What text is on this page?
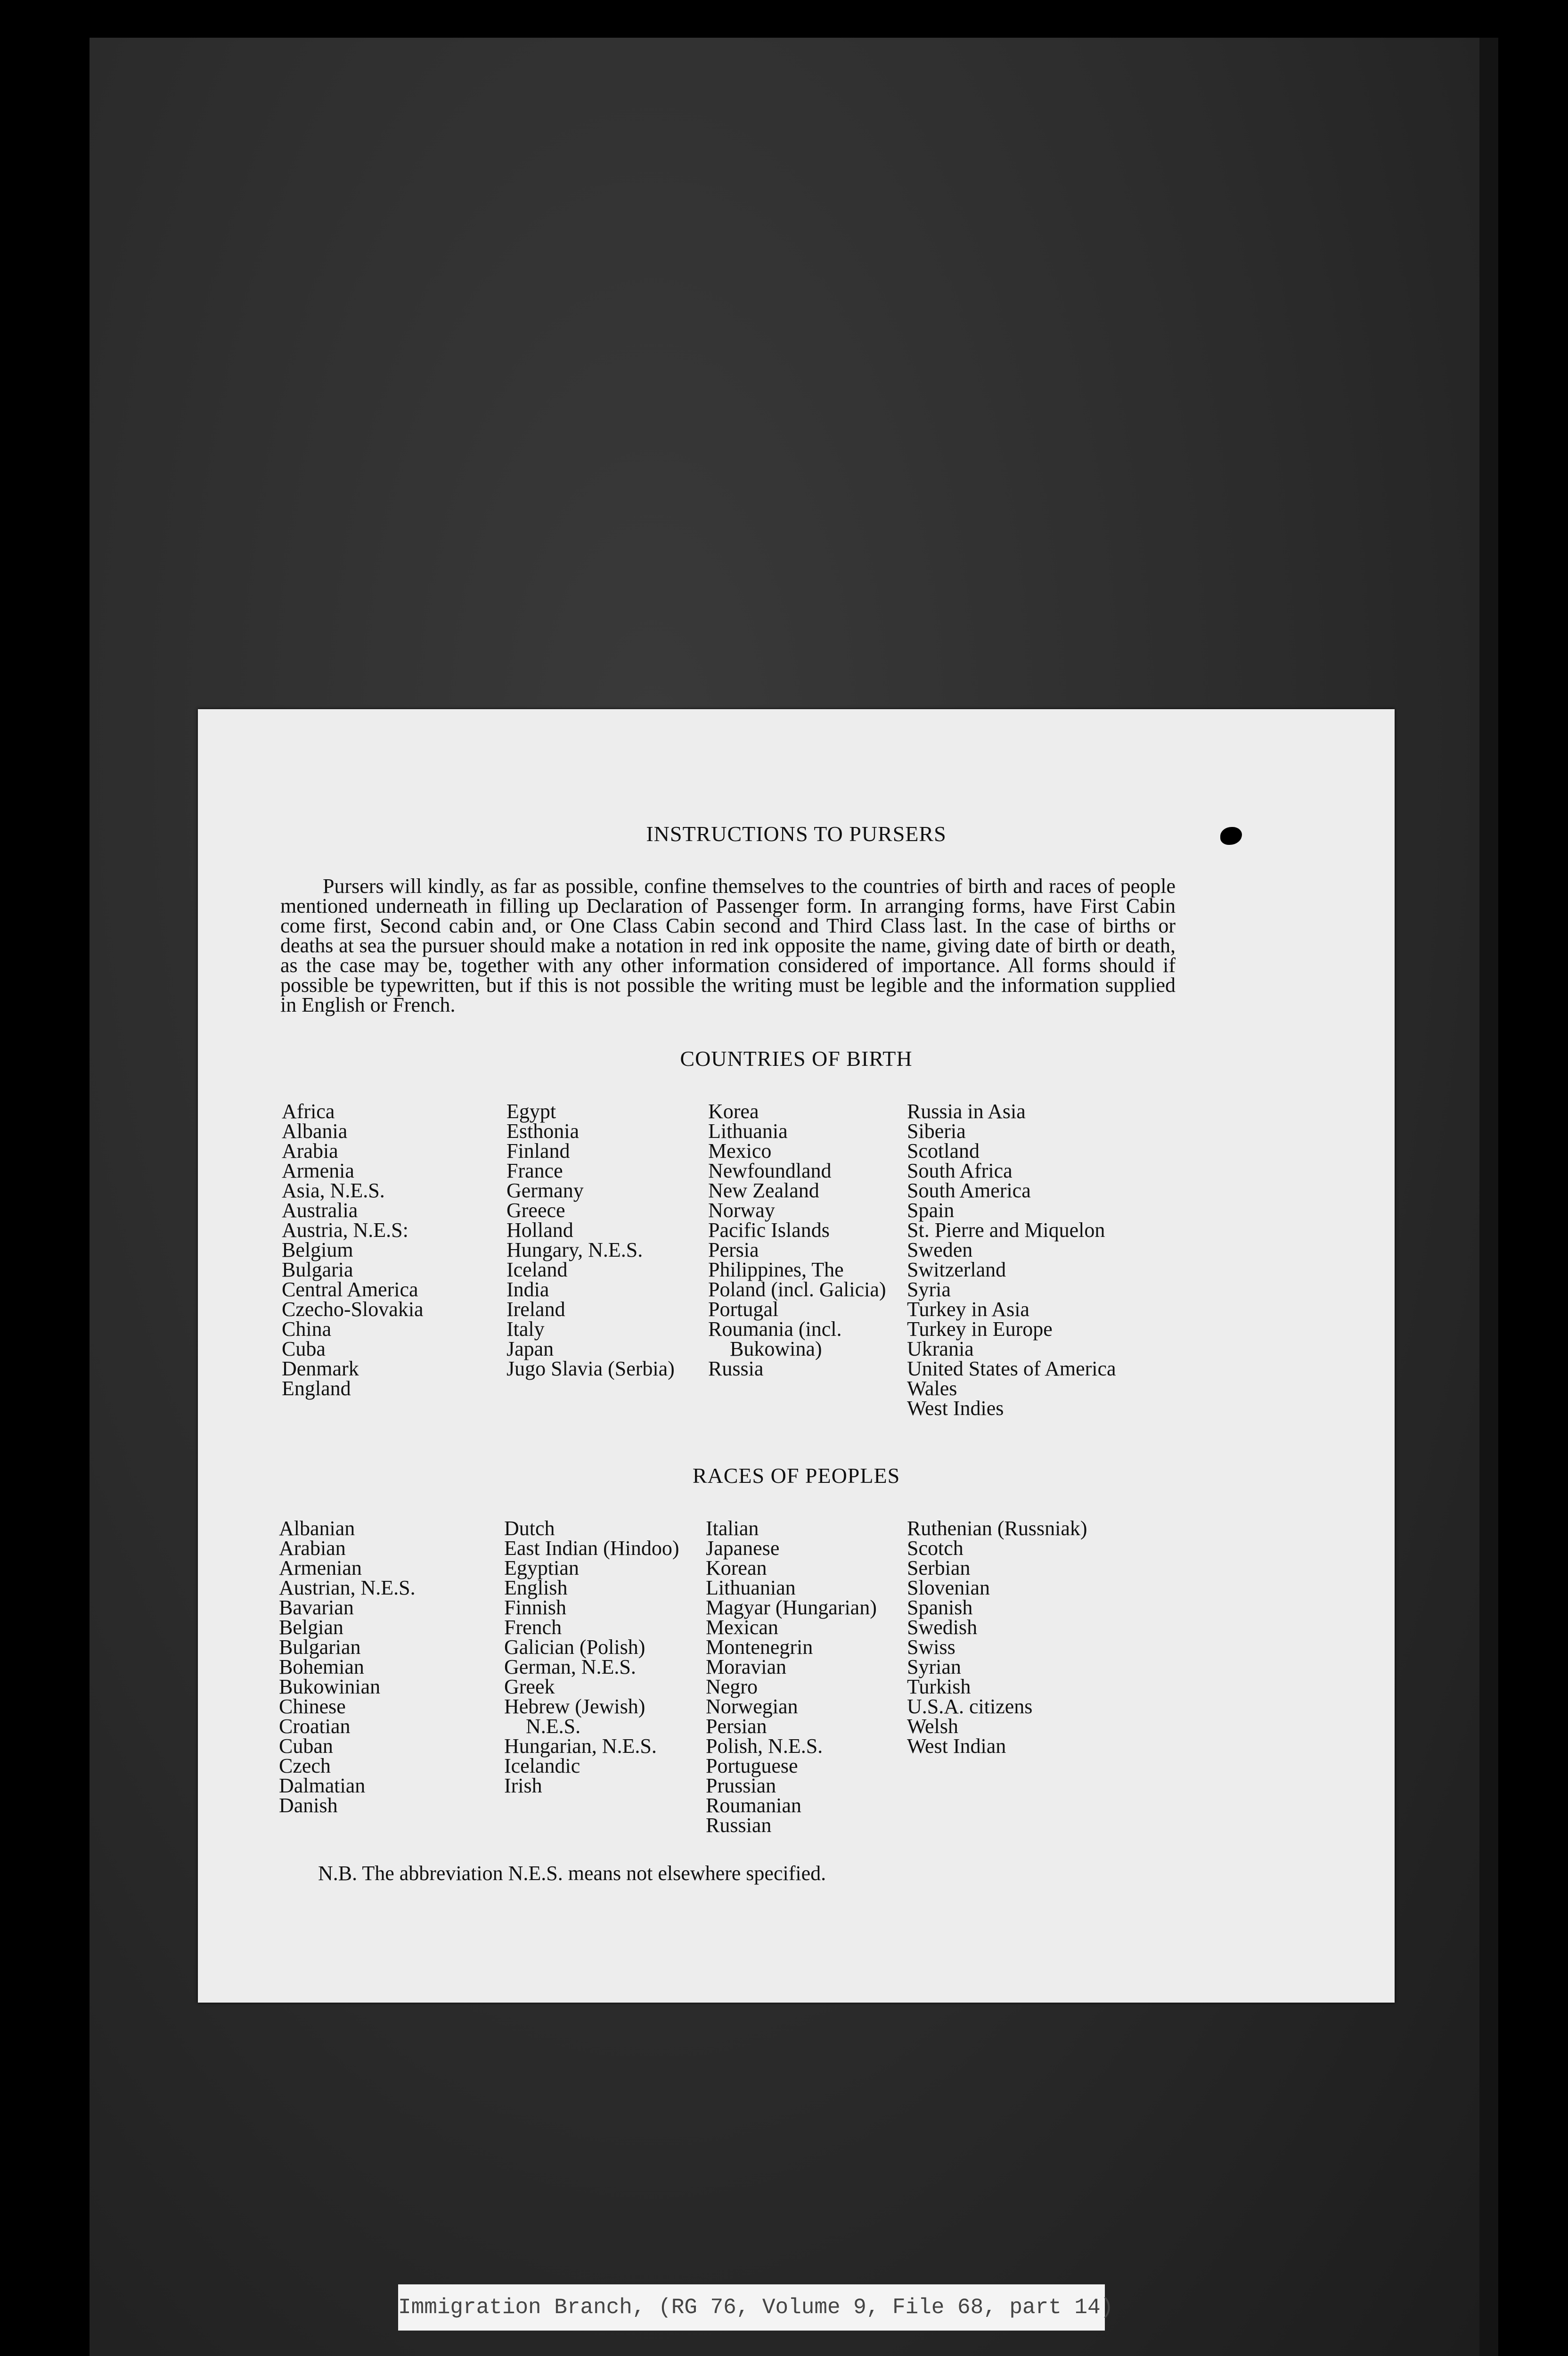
INSTRUCTIONS TO PURSERS

Pursers will kindly, as far as possible, confine themselves to the countries of birth and races of people mentioned underneath in filling up Declaration of Passenger form. In arranging forms, have First Cabin come first, Second cabin and, or One Class Cabin second and Third Class last. In the case of births or deaths at sea the pursuer should make a notation in red ink opposite the name, giving date of birth or death, as the case may be, together with any other information considered of importance. All forms should if possible be typewritten, but if this is not possible the writing must be legible and the information supplied in English or French.

COUNTRIES OF BIRTH
Africa
Albania
Arabia
Armenia
Asia, N.E.S.
Australia
Austria, N.E.S:
Belgium
Bulgaria
Central America
Czecho-Slovakia
China
Cuba
Denmark
England
Egypt
Esthonia
Finland
France
Germany
Greece
Holland
Hungary, N.E.S.
Iceland
India
Ireland
Italy
Japan
Jugo Slavia (Serbia)
Korea
Lithuania
Mexico
Newfoundland
New Zealand
Norway
Pacific Islands
Persia
Philippines, The
Poland (incl. Galicia)
Portugal
Roumania (incl.
Bukowina)
Russia
Russia in Asia
Siberia
Scotland
South Africa
South America
Spain
St. Pierre and Miquelon
Sweden
Switzerland
Syria
Turkey in Asia
Turkey in Europe
Ukrania
United States of America
Wales
West Indies
RACES OF PEOPLES
Albanian
Arabian
Armenian
Austrian, N.E.S.
Bavarian
Belgian
Bulgarian
Bohemian
Bukowinian
Chinese
Croatian
Cuban
Czech
Dalmatian
Danish
Dutch
East Indian (Hindoo)
Egyptian
English
Finnish
French
Galician (Polish)
German, N.E.S.
Greek
Hebrew (Jewish)
N.E.S.
Hungarian, N.E.S.
Icelandic
Irish
Italian
Japanese
Korean
Lithuanian
Magyar (Hungarian)
Mexican
Montenegrin
Moravian
Negro
Norwegian
Persian
Polish, N.E.S.
Portuguese
Prussian
Roumanian
Russian
Ruthenian (Russniak)
Scotch
Serbian
Slovenian
Spanish
Swedish
Swiss
Syrian
Turkish
U.S.A. citizens
Welsh
West Indian
N.B. The abbreviation N.E.S. means not elsewhere specified.
Immigration Branch, (RG 76, Volume 9, File 68, part 14)
